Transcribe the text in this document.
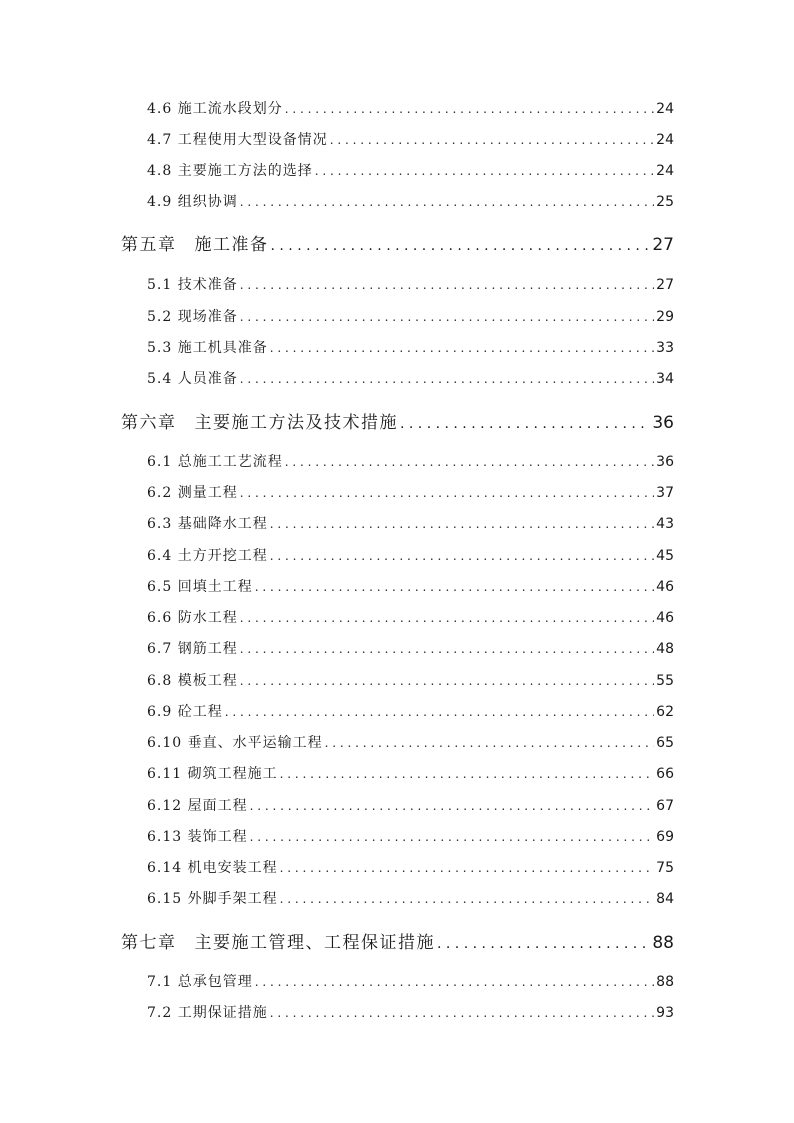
4.6 施工流水段划分 . . .	24
4.7 工程使用大型设备情况 . . .	24
4.8 主要施工方法的选择 . . .	24
4.9 组织协调 . . .	25
第五章 施工准备 . . .	27
5.1 技术准备 . . .	27
5.2 现场准备 . . .	29
5.3 施工机具准备 . . .	33
5.4 人员准备 . . .	34
第六章 主要施工方法及技术措施 . . .	36
6.1 总施工工艺流程 . . .	36
6.2 测量工程 . . .	37
6.3 基础降水工程 . . .	43
6.4 土方开挖工程 . . .	45
6.5 回填土工程 . . .	46
6.6 防水工程 . . .	46
6.7 钢筋工程 . . .	48
6.8 模板工程 . . .	55
6.9 砼工程 . . .	62
6.10 垂直、水平运输工程 . . .	65
6.11 砌筑工程施工 . . .	66
6.12 屋面工程 . . .	67
6.13 装饰工程 . . .	69
6.14 机电安装工程 . . .	75
6.15 外脚手架工程 . . .	84
第七章 主要施工管理、工程保证措施 . . .	88
7.1 总承包管理 . . .	88
7.2 工期保证措施 . . .	93
